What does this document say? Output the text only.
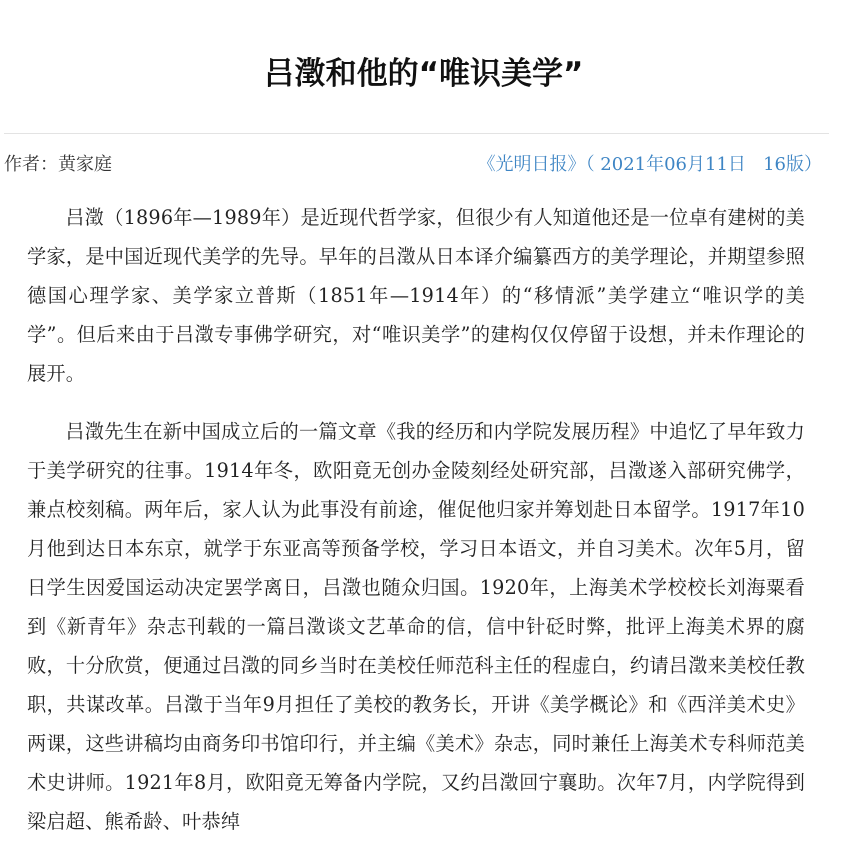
吕澂和他的“唯识美学”
作者：黄家庭	《光明日报》（ 2021年06月11日 16版）

吕澂（1896年—1989年）是近现代哲学家，但很少有人知道他还是一位卓有建树的美学家，是中国近现代美学的先导。早年的吕澂从日本译介编纂西方的美学理论，并期望参照德国心理学家、美学家立普斯（1851年—1914年）的“移情派”美学建立“唯识学的美学”。但后来由于吕澂专事佛学研究，对“唯识美学”的建构仅仅停留于设想，并未作理论的展开。

吕澂先生在新中国成立后的一篇文章《我的经历和内学院发展历程》中追忆了早年致力于美学研究的往事。1914年冬，欧阳竟无创办金陵刻经处研究部，吕澂遂入部研究佛学，兼点校刻稿。两年后，家人认为此事没有前途，催促他归家并筹划赴日本留学。1917年10月他到达日本东京，就学于东亚高等预备学校，学习日本语文，并自习美术。次年5月，留日学生因爱国运动决定罢学离日，吕澂也随众归国。1920年，上海美术学校校长刘海粟看到《新青年》杂志刊载的一篇吕澂谈文艺革命的信，信中针砭时弊，批评上海美术界的腐败，十分欣赏，便通过吕澂的同乡当时在美校任师范科主任的程虚白，约请吕澂来美校任教职，共谋改革。吕澂于当年9月担任了美校的教务长，开讲《美学概论》和《西洋美术史》两课，这些讲稿均由商务印书馆印行，并主编《美术》杂志，同时兼任上海美术专科师范美术史讲师。1921年8月，欧阳竟无筹备内学院，又约吕澂回宁襄助。次年7月，内学院得到梁启超、熊希龄、叶恭绰
